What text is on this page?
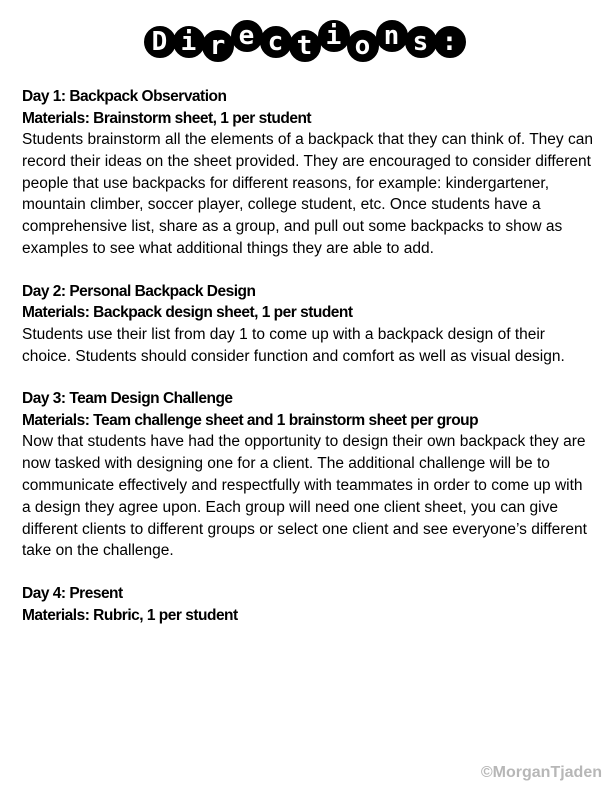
D i r e c t i o n s :

Day 1: Backpack Observation

Materials: Brainstorm sheet, 1 per student

Students brainstorm all the elements of a backpack that they can think of. They can record their ideas on the sheet provided. They are encouraged to consider different people that use backpacks for different reasons, for example: kindergartener, mountain climber, soccer player, college student, etc. Once students have a comprehensive list, share as a group, and pull out some backpacks to show as examples to see what additional things they are able to add.

Day 2: Personal Backpack Design

Materials: Backpack design sheet, 1 per student

Students use their list from day 1 to come up with a backpack design of their choice. Students should consider function and comfort as well as visual design.

Day 3: Team Design Challenge

Materials: Team challenge sheet and 1 brainstorm sheet per group

Now that students have had the opportunity to design their own backpack they are now tasked with designing one for a client. The additional challenge will be to communicate effectively and respectfully with teammates in order to come up with a design they agree upon. Each group will need one client sheet, you can give different clients to different groups or select one client and see everyone’s different take on the challenge.

Day 4: Present

Materials: Rubric, 1 per student

©MorganTjaden
